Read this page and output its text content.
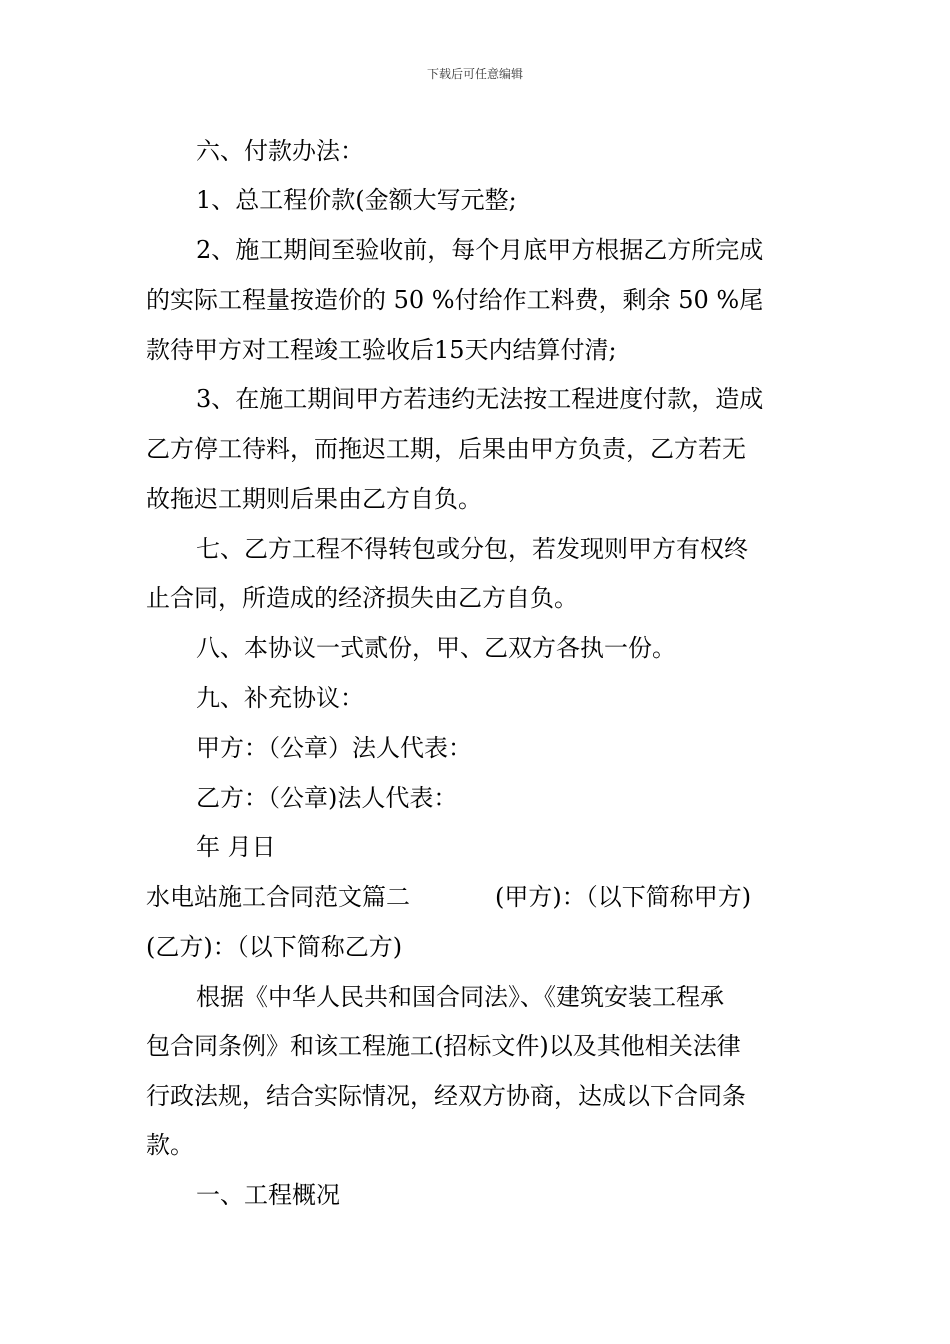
下载后可任意编辑
六、付款办法：
1、总工程价款(金额大写元整;
2、施工期间至验收前，每个月底甲方根据乙方所完成
的实际工程量按造价的 50 %付给作工料费，剩余 50 %尾
款待甲方对工程竣工验收后15天内结算付清;
3、在施工期间甲方若违约无法按工程进度付款，造成
乙方停工待料，而拖迟工期，后果由甲方负责，乙方若无
故拖迟工期则后果由乙方自负。
七、乙方工程不得转包或分包，若发现则甲方有权终
止合同，所造成的经济损失由乙方自负。
八、本协议一式贰份，甲、乙双方各执一份。
九、补充协议：
甲方：（公章）法人代表：
乙方：（公章)法人代表：
年 月日
水电站施工合同范文篇二	(甲方)：（以下简称甲方)
(乙方)：（以下简称乙方)
根据《中华人民共和国合同法》、《建筑安装工程承
包合同条例》和该工程施工(招标文件)以及其他相关法律
行政法规，结合实际情况，经双方协商，达成以下合同条
款。
一、工程概况
